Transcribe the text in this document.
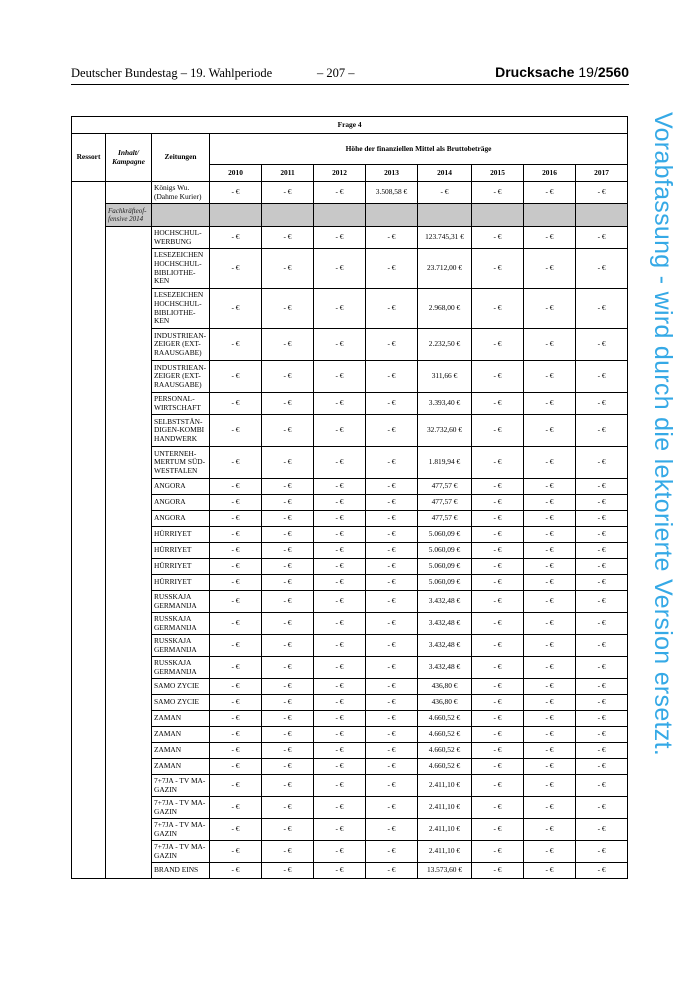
Deutscher Bundestag – 19. Wahlperiode	– 207 –	Drucksache 19/2560
Vorabfassung - wird durch die lektorierte Version ersetzt.
Frage 4										
Ressort	Inhalt/ Kampagne	Zeitungen	Höhe der finanziellen Mittel als Bruttobeträge							
			2010	2011	2012	2013	2014	2015	2016	2017
		Königs Wu. (Dahme Kurier)	- €	- €	- €	3.508,58 €	- €	- €	- €	- €
	Fachkräfteof- fensive 2014									
		HOCHSCHUL- WERBUNG	- €	- €	- €	- €	123.745,31 €	- €	- €	- €
		LESEZEICHEN HOCHSCHUL- BIBLIOTHE- KEN	- €	- €	- €	- €	23.712,00 €	- €	- €	- €
		LESEZEICHEN HOCHSCHUL- BIBLIOTHE- KEN	- €	- €	- €	- €	2.968,00 €	- €	- €	- €
		INDUSTRIEAN- ZEIGER (EXT- RAAUSGABE)	- €	- €	- €	- €	2.232,50 €	- €	- €	- €
		INDUSTRIEAN- ZEIGER (EXT- RAAUSGABE)	- €	- €	- €	- €	311,66 €	- €	- €	- €
		PERSONAL- WIRTSCHAFT	- €	- €	- €	- €	3.393,40 €	- €	- €	- €
		SELBSTSTÄN- DIGEN-KOMBI HANDWERK	- €	- €	- €	- €	32.732,60 €	- €	- €	- €
		UNTERNEH- MERTUM SÜD- WESTFALEN	- €	- €	- €	- €	1.819,94 €	- €	- €	- €
		ANGORA	- €	- €	- €	- €	477,57 €	- €	- €	- €
		ANGORA	- €	- €	- €	- €	477,57 €	- €	- €	- €
		ANGORA	- €	- €	- €	- €	477,57 €	- €	- €	- €
		HÜRRIYET	- €	- €	- €	- €	5.060,09 €	- €	- €	- €
		HÜRRIYET	- €	- €	- €	- €	5.060,09 €	- €	- €	- €
		HÜRRIYET	- €	- €	- €	- €	5.060,09 €	- €	- €	- €
		HÜRRIYET	- €	- €	- €	- €	5.060,09 €	- €	- €	- €
		RUSSKAJA GERMANIJA	- €	- €	- €	- €	3.432,48 €	- €	- €	- €
		RUSSKAJA GERMANIJA	- €	- €	- €	- €	3.432,48 €	- €	- €	- €
		RUSSKAJA GERMANIJA	- €	- €	- €	- €	3.432,48 €	- €	- €	- €
		RUSSKAJA GERMANIJA	- €	- €	- €	- €	3.432,48 €	- €	- €	- €
		SAMO ZYCIE	- €	- €	- €	- €	436,80 €	- €	- €	- €
		SAMO ZYCIE	- €	- €	- €	- €	436,80 €	- €	- €	- €
		ZAMAN	- €	- €	- €	- €	4.660,52 €	- €	- €	- €
		ZAMAN	- €	- €	- €	- €	4.660,52 €	- €	- €	- €
		ZAMAN	- €	- €	- €	- €	4.660,52 €	- €	- €	- €
		ZAMAN	- €	- €	- €	- €	4.660,52 €	- €	- €	- €
		7+7JA - TV MA- GAZIN	- €	- €	- €	- €	2.411,10 €	- €	- €	- €
		7+7JA - TV MA- GAZIN	- €	- €	- €	- €	2.411,10 €	- €	- €	- €
		7+7JA - TV MA- GAZIN	- €	- €	- €	- €	2.411,10 €	- €	- €	- €
		7+7JA - TV MA- GAZIN	- €	- €	- €	- €	2.411,10 €	- €	- €	- €
		BRAND EINS	- €	- €	- €	- €	13.573,60 €	- €	- €	- €
